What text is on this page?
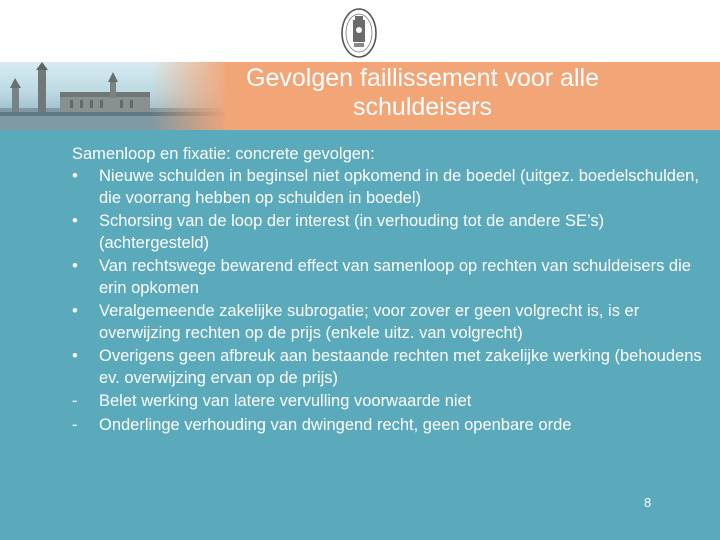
Gevolgen faillissement voor alle schuldeisers

Samenloop en fixatie: concrete gevolgen:

•	Nieuwe schulden in beginsel niet opkomend in de boedel (uitgez. boedelschulden, die voorrang hebben op schulden in boedel)
•	Schorsing van de loop der interest (in verhouding tot de andere SE’s) (achtergesteld)
•	Van rechtswege bewarend effect van samenloop op rechten van schuldeisers die erin opkomen
•	Veralgemeende zakelijke subrogatie; voor zover er geen volgrecht is, is er overwijzing rechten op de prijs (enkele uitz. van volgrecht)
•	Overigens geen afbreuk aan bestaande rechten met zakelijke werking (behoudens ev. overwijzing ervan op de prijs)
-	Belet werking van latere vervulling voorwaarde niet
-	Onderlinge verhouding van dwingend recht, geen openbare orde
8
